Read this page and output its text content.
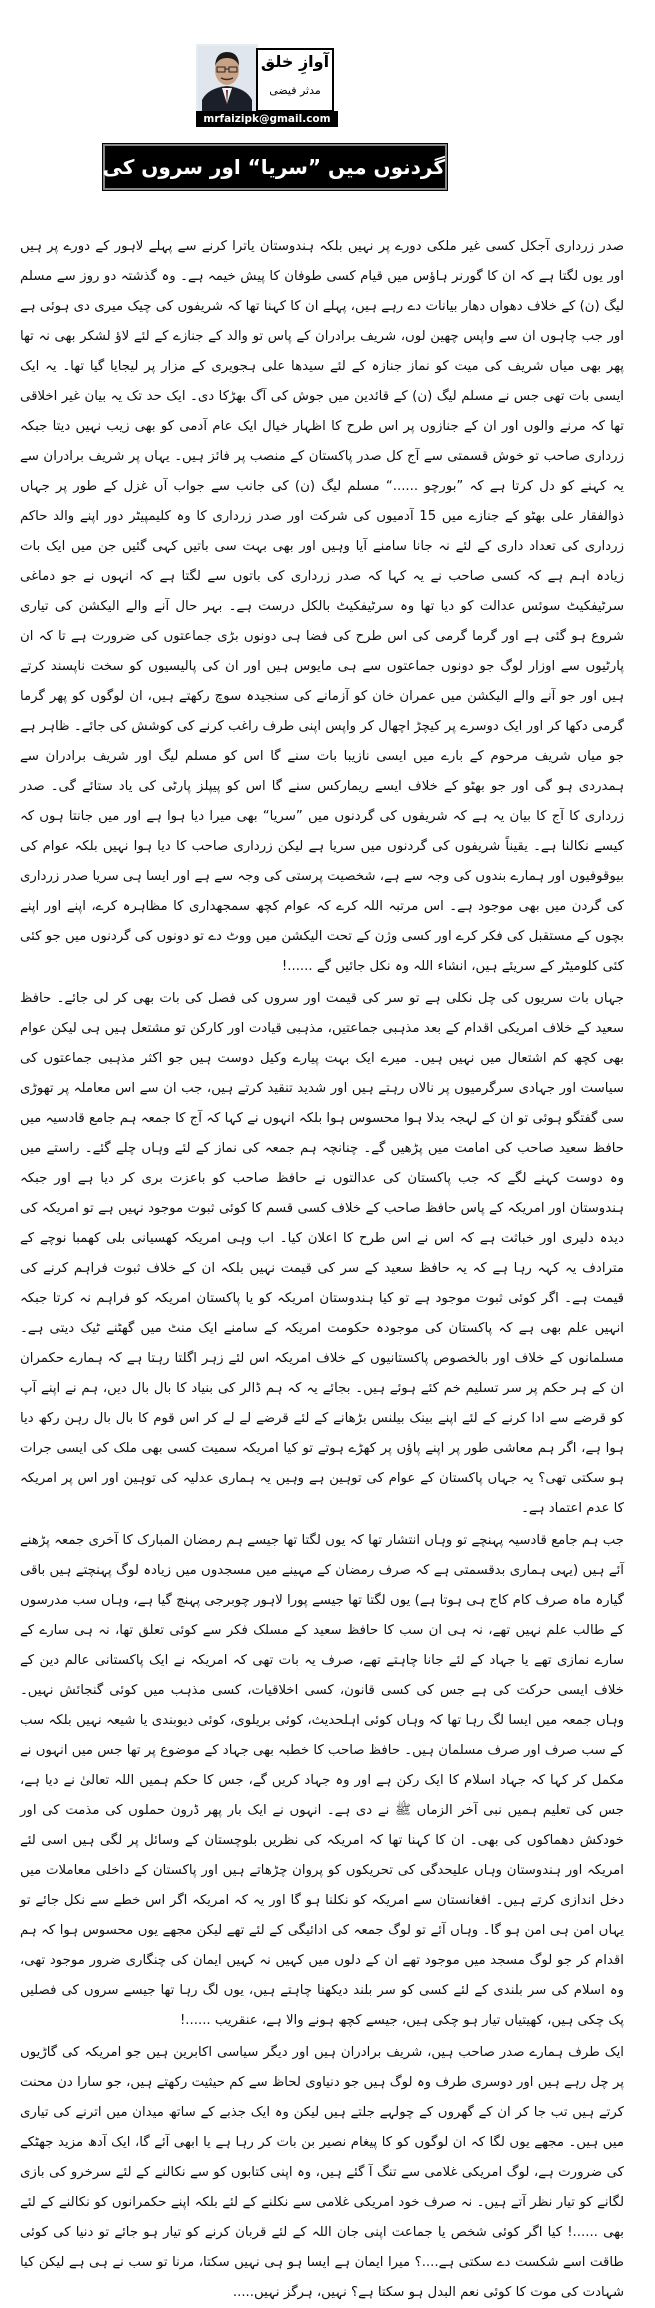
آوازِ خلق
مدثر فیضی
mrfaizipk@gmail.com
گردنوں میں ”سریا“ اور سروں کی فصلیں

صدر زرداری آجکل کسی غیر ملکی دورے پر نہیں بلکہ ہندوستان یاترا کرنے سے پہلے لاہور کے دورے پر ہیں اور یوں لگتا ہے کہ ان کا گورنر ہاؤس میں قیام کسی طوفان کا پیش خیمہ ہے۔ وہ گذشتہ دو روز سے مسلم لیگ (ن) کے خلاف دھواں دھار بیانات دے رہے ہیں، پہلے ان کا کہنا تھا کہ شریفوں کی چیک میری دی ہوئی ہے اور جب چاہوں ان سے واپس چھین لوں، شریف برادران کے پاس تو والد کے جنازے کے لئے لاؤ لشکر بھی نہ تھا پھر بھی میاں شریف کی میت کو نماز جنازہ کے لئے سیدھا علی ہجویری کے مزار پر لیجایا گیا تھا۔ یہ ایک ایسی بات تھی جس نے مسلم لیگ (ن) کے قائدین میں جوش کی آگ بھڑکا دی۔ ایک حد تک یہ بیان غیر اخلاقی تھا کہ مرنے والوں اور ان کے جنازوں پر اس طرح کا اظہار خیال ایک عام آدمی کو بھی زیب نہیں دیتا جبکہ زرداری صاحب تو خوش قسمتی سے آج کل صدر پاکستان کے منصب پر فائز ہیں۔ یہاں پر شریف برادران سے یہ کہنے کو دل کرتا ہے کہ ”بورچو ......“ مسلم لیگ (ن) کی جانب سے جواب آں غزل کے طور پر جہاں ذوالفقار علی بھٹو کے جنازے میں 15 آدمیوں کی شرکت اور صدر زرداری کا وہ کلیمپیٹر دور اپنے والد حاکم زرداری کی تعداد داری کے لئے نہ جانا سامنے آیا وہیں اور بھی بہت سی باتیں کہی گئیں جن میں ایک بات زیادہ اہم ہے کہ کسی صاحب نے یہ کہا کہ صدر زرداری کی باتوں سے لگتا ہے کہ انہوں نے جو دماغی سرٹیفکیٹ سوئس عدالت کو دیا تھا وہ سرٹیفکیٹ بالکل درست ہے۔ بہر حال آنے والے الیکشن کی تیاری شروع ہو گئی ہے اور گرما گرمی کی اس طرح کی فضا ہی دونوں بڑی جماعتوں کی ضرورت ہے تا کہ ان پارٹیوں سے اوزار لوگ جو دونوں جماعتوں سے ہی مایوس ہیں اور ان کی پالیسیوں کو سخت ناپسند کرتے ہیں اور جو آنے والے الیکشن میں عمران خان کو آزمانے کی سنجیدہ سوچ رکھتے ہیں، ان لوگوں کو پھر گرما گرمی دکھا کر اور ایک دوسرے پر کیچڑ اچھال کر واپس اپنی طرف راغب کرنے کی کوشش کی جائے۔ ظاہر ہے جو میاں شریف مرحوم کے بارے میں ایسی نازیبا بات سنے گا اس کو مسلم لیگ اور شریف برادران سے ہمدردی ہو گی اور جو بھٹو کے خلاف ایسے ریمارکس سنے گا اس کو پیپلز پارٹی کی یاد ستائے گی۔ صدر زرداری کا آج کا بیان یہ ہے کہ شریفوں کی گردنوں میں ”سریا“ بھی میرا دیا ہوا ہے اور میں جانتا ہوں کہ کیسے نکالنا ہے۔ یقیناً شریفوں کی گردنوں میں سریا ہے لیکن زرداری صاحب کا دیا ہوا نہیں بلکہ عوام کی بیوقوفیوں اور ہمارے بندوں کی وجہ سے ہے، شخصیت پرستی کی وجہ سے ہے اور ایسا ہی سریا صدر زرداری کی گردن میں بھی موجود ہے۔ اس مرتبہ اللہ کرے کہ عوام کچھ سمجھداری کا مظاہرہ کرے، اپنے اور اپنے بچوں کے مستقبل کی فکر کرے اور کسی وژن کے تحت الیکشن میں ووٹ دے تو دونوں کی گردنوں میں جو کئی کئی کلومیٹر کے سریئے ہیں، انشاء اللہ وہ نکل جائیں گے ......!

جہاں بات سریوں کی چل نکلی ہے تو سر کی قیمت اور سروں کی فصل کی بات بھی کر لی جائے۔ حافظ سعید کے خلاف امریکی اقدام کے بعد مذہبی جماعتیں، مذہبی قیادت اور کارکن تو مشتعل ہیں ہی لیکن عوام بھی کچھ کم اشتعال میں نہیں ہیں۔ میرے ایک بہت پیارے وکیل دوست ہیں جو اکثر مذہبی جماعتوں کی سیاست اور جہادی سرگرمیوں پر نالاں رہتے ہیں اور شدید تنقید کرتے ہیں، جب ان سے اس معاملہ پر تھوڑی سی گفتگو ہوئی تو ان کے لہجہ بدلا ہوا محسوس ہوا بلکہ انہوں نے کہا کہ آج کا جمعہ ہم جامع قادسیہ میں حافظ سعید صاحب کی امامت میں پڑھیں گے۔ چنانچہ ہم جمعہ کی نماز کے لئے وہاں چلے گئے۔ راستے میں وہ دوست کہنے لگے کہ جب پاکستان کی عدالتوں نے حافظ صاحب کو باعزت بری کر دیا ہے اور جبکہ ہندوستان اور امریکہ کے پاس حافظ صاحب کے خلاف کسی قسم کا کوئی ثبوت موجود نہیں ہے تو امریکہ کی دیدہ دلیری اور خباثت ہے کہ اس نے اس طرح کا اعلان کیا۔ اب وہی امریکہ کھسیانی بلی کھمبا نوچے کے مترادف یہ کہہ رہا ہے کہ یہ حافظ سعید کے سر کی قیمت نہیں بلکہ ان کے خلاف ثبوت فراہم کرنے کی قیمت ہے۔ اگر کوئی ثبوت موجود ہے تو کیا ہندوستان امریکہ کو یا پاکستان امریکہ کو فراہم نہ کرتا جبکہ انہیں علم بھی ہے کہ پاکستان کی موجودہ حکومت امریکہ کے سامنے ایک منٹ میں گھٹنے ٹیک دیتی ہے۔ مسلمانوں کے خلاف اور بالخصوص پاکستانیوں کے خلاف امریکہ اس لئے زہر اگلتا رہتا ہے کہ ہمارے حکمران ان کے ہر حکم پر سر تسلیم خم کئے ہوئے ہیں۔ بجائے یہ کہ ہم ڈالر کی بنیاد کا بال بال دیں، ہم نے اپنے آپ کو قرضے سے ادا کرنے کے لئے اپنے بینک بیلنس بڑھانے کے لئے قرضے لے لے کر اس قوم کا بال بال رہن رکھ دیا ہوا ہے، اگر ہم معاشی طور پر اپنے پاؤں پر کھڑے ہوتے تو کیا امریکہ سمیت کسی بھی ملک کی ایسی جرات ہو سکتی تھی؟ یہ جہاں پاکستان کے عوام کی توہین ہے وہیں یہ ہماری عدلیہ کی توہین اور اس پر امریکہ کا عدم اعتماد ہے۔

جب ہم جامع قادسیہ پہنچے تو وہاں انتشار تھا کہ یوں لگتا تھا جیسے ہم رمضان المبارک کا آخری جمعہ پڑھنے آئے ہیں (یہی ہماری بدقسمتی ہے کہ صرف رمضان کے مہینے میں مسجدوں میں زیادہ لوگ پہنچتے ہیں باقی گیارہ ماہ صرف کام کاج ہی ہوتا ہے) یوں لگتا تھا جیسے پورا لاہور چوبرجی پہنچ گیا ہے، وہاں سب مدرسوں کے طالب علم نہیں تھے، نہ ہی ان سب کا حافظ سعید کے مسلک فکر سے کوئی تعلق تھا، نہ ہی سارے کے سارے نمازی تھے یا جہاد کے لئے جانا چاہتے تھے، صرف یہ بات تھی کہ امریکہ نے ایک پاکستانی عالم دین کے خلاف ایسی حرکت کی ہے جس کی کسی قانون، کسی اخلاقیات، کسی مذہب میں کوئی گنجائش نہیں۔ وہاں جمعہ میں ایسا لگ رہا تھا کہ وہاں کوئی اہلحدیث، کوئی بریلوی، کوئی دیوبندی یا شیعہ نہیں بلکہ سب کے سب صرف اور صرف مسلمان ہیں۔ حافظ صاحب کا خطبہ بھی جہاد کے موضوع پر تھا جس میں انہوں نے مکمل کر کہا کہ جہاد اسلام کا ایک رکن ہے اور وہ جہاد کریں گے، جس کا حکم ہمیں اللہ تعالیٰ نے دیا ہے، جس کی تعلیم ہمیں نبی آخر الزماں ﷺ نے دی ہے۔ انہوں نے ایک بار پھر ڈرون حملوں کی مذمت کی اور خودکش دھماکوں کی بھی۔ ان کا کہنا تھا کہ امریکہ کی نظریں بلوچستان کے وسائل پر لگی ہیں اسی لئے امریکہ اور ہندوستان وہاں علیحدگی کی تحریکوں کو پروان چڑھاتے ہیں اور پاکستان کے داخلی معاملات میں دخل اندازی کرتے ہیں۔ افغانستان سے امریکہ کو نکلنا ہو گا اور یہ کہ امریکہ اگر اس خطے سے نکل جائے تو یہاں امن ہی امن ہو گا۔ وہاں آئے تو لوگ جمعہ کی ادائیگی کے لئے تھے لیکن مجھے یوں محسوس ہوا کہ ہم اقدام کر جو لوگ مسجد میں موجود تھے ان کے دلوں میں کہیں نہ کہیں ایمان کی چنگاری ضرور موجود تھی، وہ اسلام کی سر بلندی کے لئے کسی کو سر بلند دیکھنا چاہتے ہیں، یوں لگ رہا تھا جیسے سروں کی فصلیں پک چکی ہیں، کھیتیاں تیار ہو چکی ہیں، جیسے کچھ ہونے والا ہے، عنقریب ......!

ایک طرف ہمارے صدر صاحب ہیں، شریف برادران ہیں اور دیگر سیاسی اکابرین ہیں جو امریکہ کی گاڑیوں پر چل رہے ہیں اور دوسری طرف وہ لوگ ہیں جو دنیاوی لحاظ سے کم حیثیت رکھتے ہیں، جو سارا دن محنت کرتے ہیں تب جا کر ان کے گھروں کے چولہے جلتے ہیں لیکن وہ ایک جذبے کے ساتھ میدان میں اترنے کی تیاری میں ہیں۔ مجھے یوں لگا کہ ان لوگوں کو کا پیغام نصیر بن بات کر رہا ہے یا ابھی آئے گا، ایک آدھ مزید جھٹکے کی ضرورت ہے، لوگ امریکی غلامی سے تنگ آ گئے ہیں، وہ اپنی کتابوں کو سے نکالنے کے لئے سرخرو کی بازی لگانے کو تیار نظر آتے ہیں۔ نہ صرف خود امریکی غلامی سے نکلنے کے لئے بلکہ اپنے حکمرانوں کو نکالنے کے لئے بھی ......! کیا اگر کوئی شخص یا جماعت اپنی جان اللہ کے لئے قربان کرنے کو تیار ہو جائے تو دنیا کی کوئی طاقت اسے شکست دے سکتی ہے....؟ میرا ایمان ہے ایسا ہو ہی نہیں سکتا، مرنا تو سب نے ہی ہے لیکن کیا شہادت کی موت کا کوئی نعم البدل ہو سکتا ہے؟ نہیں، ہرگز نہیں.....
